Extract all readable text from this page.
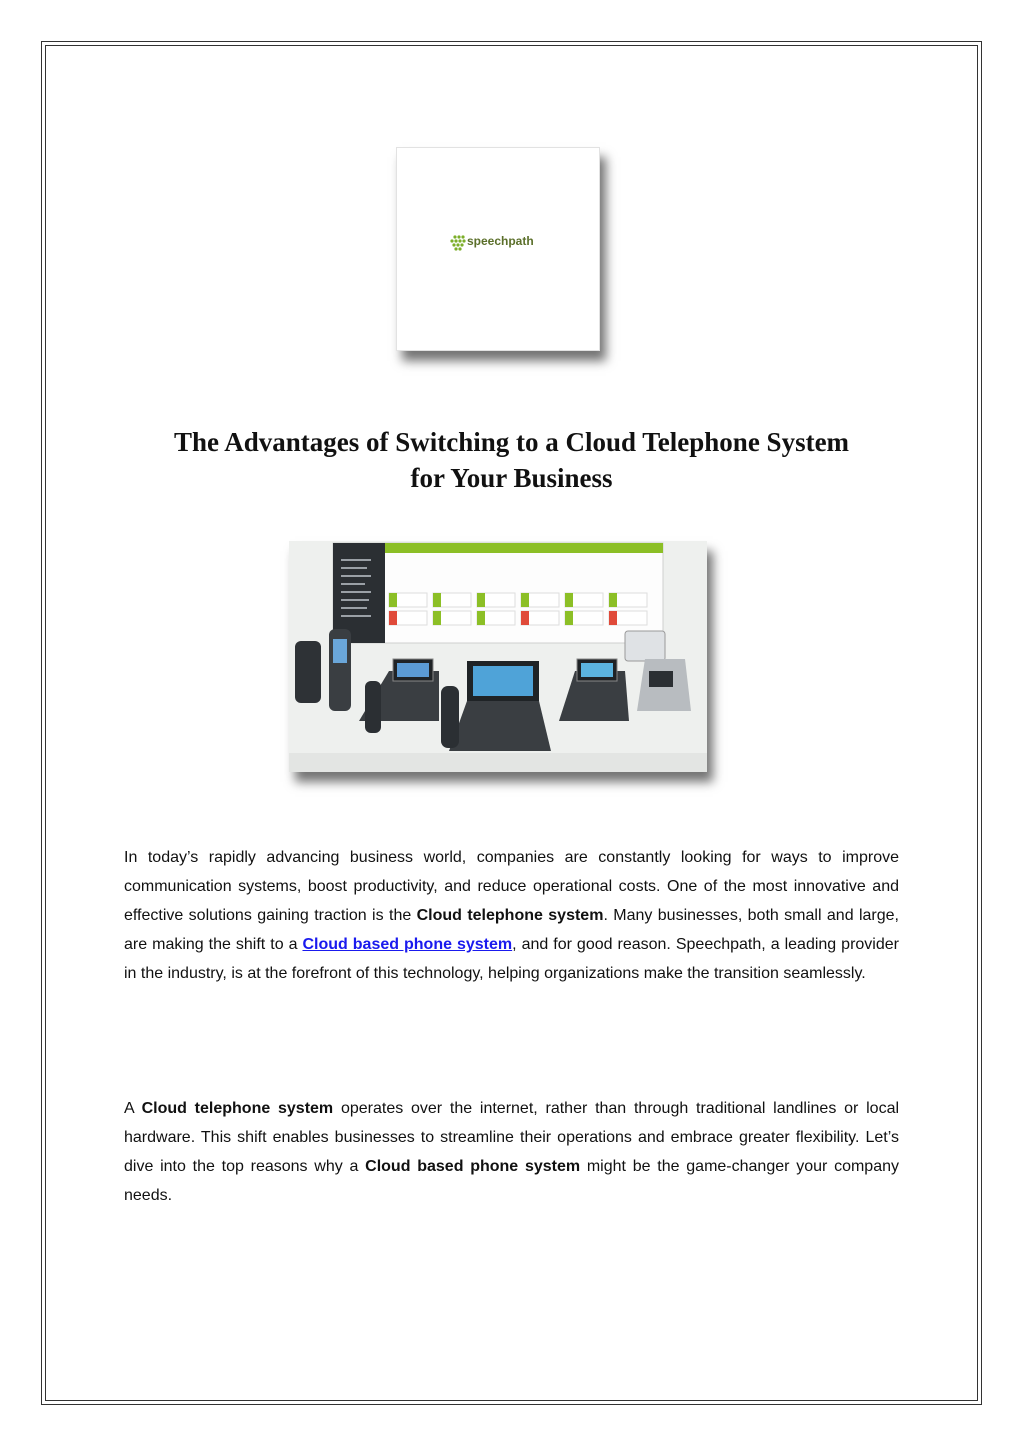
speechpath
The Advantages of Switching to a Cloud Telephone System
for Your Business

In today’s rapidly advancing business world, companies are constantly looking for ways to improve communication systems, boost productivity, and reduce operational costs. One of the most innovative and effective solutions gaining traction is the Cloud telephone system. Many businesses, both small and large, are making the shift to a Cloud based phone system, and for good reason. Speechpath, a leading provider in the industry, is at the forefront of this technology, helping organizations make the transition seamlessly.

A Cloud telephone system operates over the internet, rather than through traditional landlines or local hardware. This shift enables businesses to streamline their operations and embrace greater flexibility. Let’s dive into the top reasons why a Cloud based phone system might be the game-changer your company needs.
